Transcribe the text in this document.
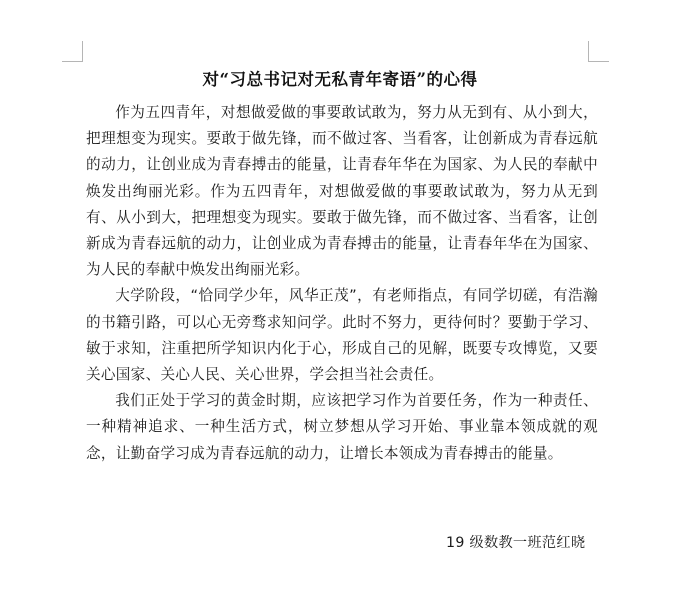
对“习总书记对无私青年寄语”的心得

作为五四青年，对想做爱做的事要敢试敢为，努力从无到有、从小到大，把理想变为现实。要敢于做先锋，而不做过客、当看客，让创新成为青春远航的动力，让创业成为青春搏击的能量，让青春年华在为国家、为人民的奉献中焕发出绚丽光彩。作为五四青年，对想做爱做的事要敢试敢为，努力从无到有、从小到大，把理想变为现实。要敢于做先锋，而不做过客、当看客，让创新成为青春远航的动力，让创业成为青春搏击的能量，让青春年华在为国家、为人民的奉献中焕发出绚丽光彩。

大学阶段，“恰同学少年，风华正茂”，有老师指点，有同学切磋，有浩瀚的书籍引路，可以心无旁骛求知问学。此时不努力，更待何时？要勤于学习、敏于求知，注重把所学知识内化于心，形成自己的见解，既要专攻博览，又要关心国家、关心人民、关心世界，学会担当社会责任。

我们正处于学习的黄金时期，应该把学习作为首要任务，作为一种责任、一种精神追求、一种生活方式，树立梦想从学习开始、事业靠本领成就的观念，让勤奋学习成为青春远航的动力，让增长本领成为青春搏击的能量。

19 级数教一班范红晓
